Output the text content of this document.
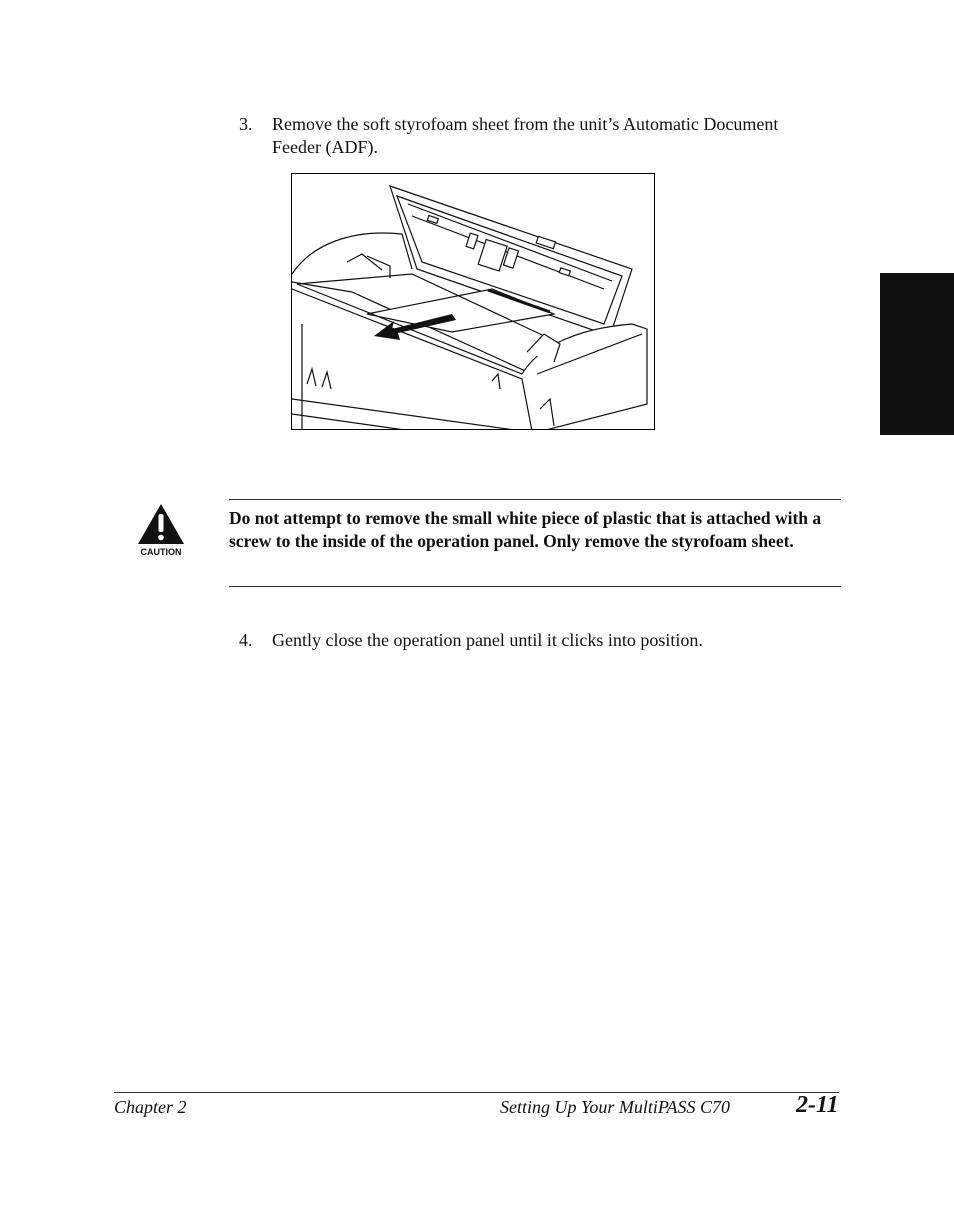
3. Remove the soft styrofoam sheet from the unit’s Automatic Document Feeder (ADF).
CAUTION
Do not attempt to remove the small white piece of plastic that is attached with a screw to the inside of the operation panel. Only remove the styrofoam sheet.
4. Gently close the operation panel until it clicks into position.
Chapter 2	Setting Up Your MultiPASS C70	2-11
